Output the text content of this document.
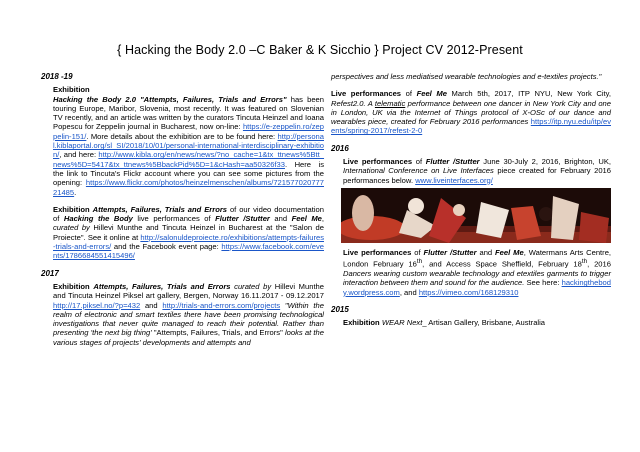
{ Hacking the Body 2.0 –C Baker & K Sicchio } Project CV 2012-Present

2018 -19

Exhibition

Hacking the Body 2.0 "Attempts, Failures, Trials and Errors" has been touring Europe, Maribor, Slovenia, most recently. It was featured on Slovenian TV recently, and an article was written by the curators Tincuta Heinzel and Ioana Popescu for Zeppelin journal in Bucharest, now on-line: https://e-zeppelin.ro/zeppelin-151/. More details about the exhibition are to be found here: http://personal.kiblaportal.org/sl_SI/2018/10/01/personal-international-interdisciplinary-exhibition/, and here: http://www.kibla.org/en/news/news/?no_cache=1&tx_ttnews%5Btt_news%5D=5417&tx_ttnews%5BbackPid%5D=1&cHash=aa50326f33. Here is the link to Tincuta's Flickr account where you can see some pictures from the opening: https://www.flickr.com/photos/heinzelmenschen/albums/72157702077721485.

Exhibition Attempts, Failures, Trials and Errors of our video documentation of Hacking the Body live performances of Flutter /Stutter and Feel Me, curated by Hillevi Munthe and Tincuta Heinzel in Bucharest at the "Salon de Proiecte". See it online at http://salonuldeproiecte.ro/exhibitions/attempts-failures-trials-and-errors/ and the Facebook event page: https://www.facebook.com/events/1786684551415496/

2017

Exhibition Attempts, Failures, Trials and Errors curated by Hillevi Munthe and Tincuta Heinzel Piksel art gallery, Bergen, Norway 16.11.2017 - 09.12.2017 http://17.piksel.no/?p=432 and http://trials-and-errors.com/projects "Within the realm of electronic and smart textiles there have been promising technological investigations that never quite managed to reach their potential. Rather than presenting 'the next big thing' "Attempts, Failures, Trials, and Errors" looks at the various stages of projects' developments and attempts and

perspectives and less mediatised wearable technologies and e-textiles projects."

Live performances of Feel Me March 5th, 2017, ITP NYU, New York City, Refest2.0. A telematic performance between one dancer in New York City and one in London, UK via the Internet of Things protocol of X-OSc of our dance and wearables piece, created for February 2016 performances https://itp.nyu.edu/itp/events/spring-2017/refest-2-0

2016

Live performances of Flutter /Stutter June 30-July 2, 2016, Brighton, UK, International Conference on Live Interfaces piece created for February 2016 performances below. www.liveinterfaces.org/

Live performances of Flutter /Stutter and Feel Me, Watermans Arts Centre, London February 16th, and Access Space Sheffield, February 18th, 2016 Dancers wearing custom wearable technology and etextiles garments to trigger interaction between them and sound for the audience. See here: hackingthebody.wordpress.com, and https://vimeo.com/168129310

2015

Exhibition WEAR Next_ Artisan Gallery, Brisbane, Australia
